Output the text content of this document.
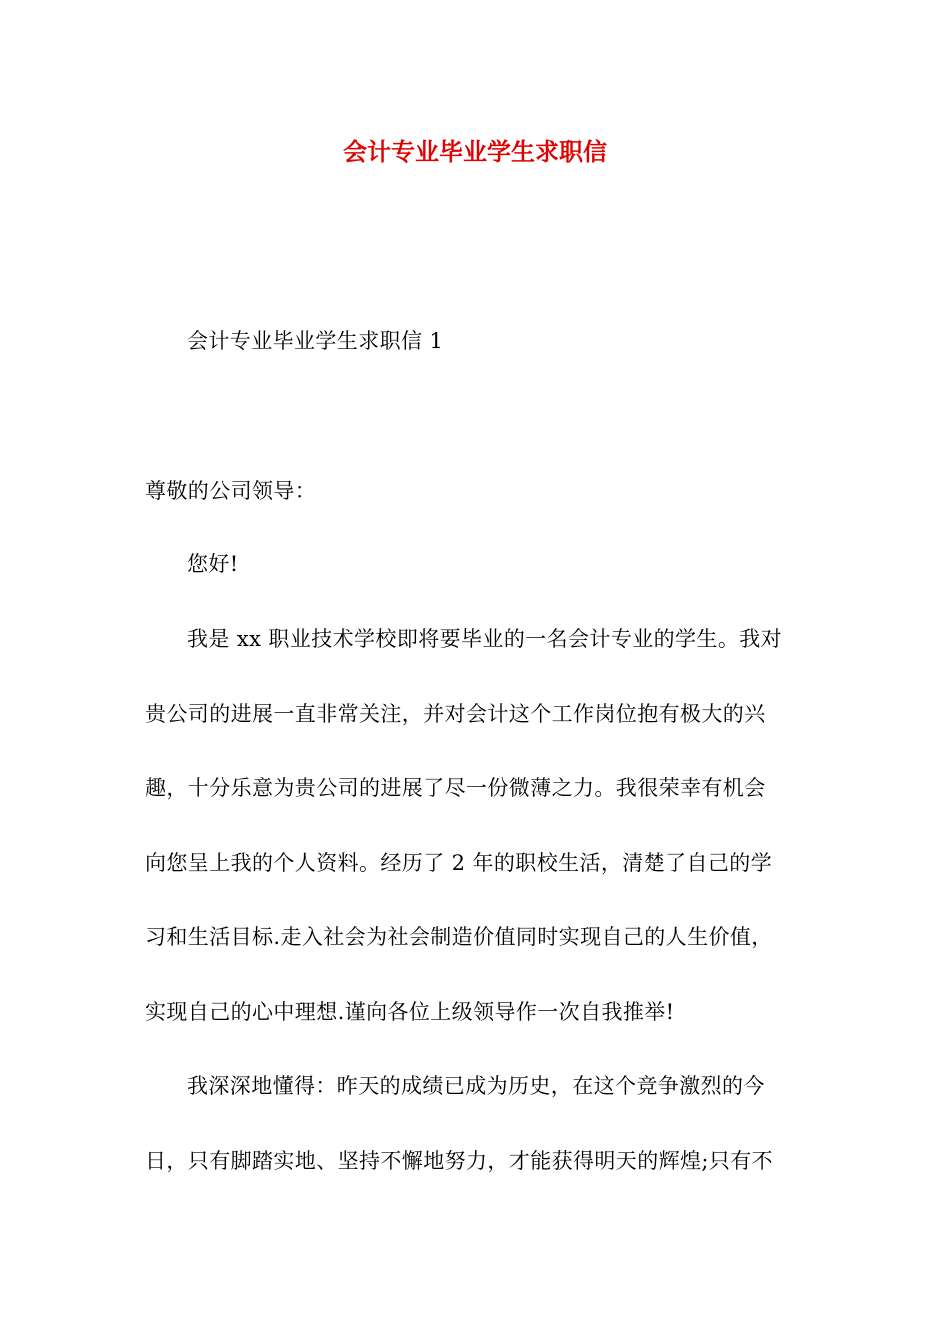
会计专业毕业学生求职信
会计专业毕业学生求职信 1
尊敬的公司领导：
您好!
我是 xx 职业技术学校即将要毕业的一名会计专业的学生。我对
贵公司的进展一直非常关注，并对会计这个工作岗位抱有极大的兴
趣，十分乐意为贵公司的进展了尽一份微薄之力。我很荣幸有机会
向您呈上我的个人资料。经历了 2 年的职校生活，清楚了自己的学
习和生活目标.走入社会为社会制造价值同时实现自己的人生价值，
实现自己的心中理想.谨向各位上级领导作一次自我推举!
我深深地懂得：昨天的成绩已成为历史，在这个竞争激烈的今
日，只有脚踏实地、坚持不懈地努力，才能获得明天的辉煌;只有不
